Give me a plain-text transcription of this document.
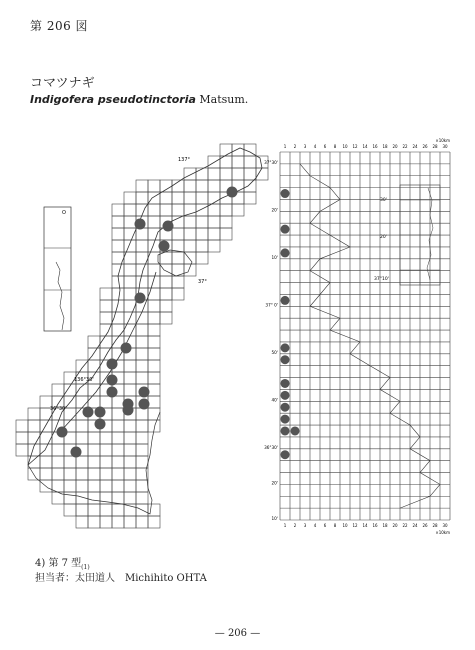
第 206 図
コマツナギ
Indigofera pseudotinctoria Matsum.
137°
136°30'
37°
36°30'
O
30'
20'
37°10'
1 2 3 4 6 8 10 12 14 16 18 20 22 24 26 28 30
1 2 3 4 6 8 10 12 14 16 18 20 22 24 26 28 30
×10km
×10km
37°30'
20'
10'
37° 0'
50'
40'
36°30'
20'
10'
4) 第 7 型$_{(1)}$
担当者：太田道人　Michihito OHTA
— 206 —
